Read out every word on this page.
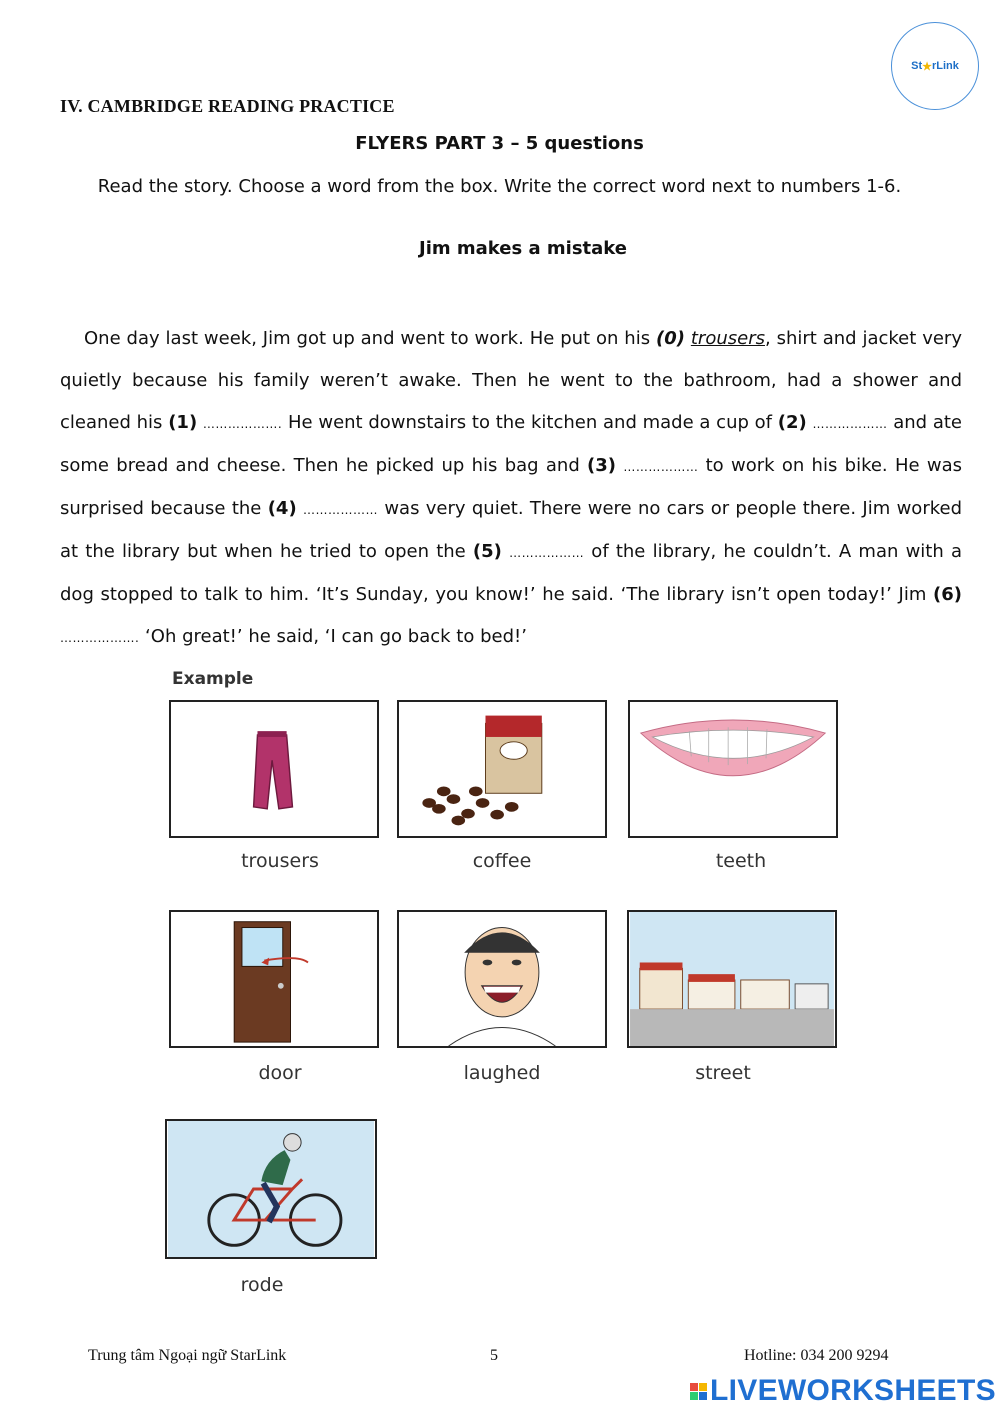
St ★ rLink
IV. CAMBRIDGE READING PRACTICE
FLYERS PART 3 – 5 questions
Read the story. Choose a word from the box. Write the correct word next to numbers 1-6.
Jim makes a mistake
One day last week, Jim got up and went to work. He put on his (0) trousers, shirt and jacket very quietly because his family weren’t awake. Then he went to the bathroom, had a shower and cleaned his (1) ………………. He went downstairs to the kitchen and made a cup of (2) ……………… and ate some bread and cheese. Then he picked up his bag and (3) ……………… to work on his bike. He was surprised because the (4) ……………… was very quiet. There were no cars or people there. Jim worked at the library but when he tried to open the (5) ……………… of the library, he couldn’t. A man with a dog stopped to talk to him. ‘It’s Sunday, you know!’ he said. ‘The library isn’t open today!’ Jim (6) ………………. ‘Oh great!’ he said, ‘I can go back to bed!’
Example
trousers	coffee	teeth
door	laughed	street
rode
Trung tâm Ngoại ngữ StarLink	5	Hotline: 034 200 9294
LIVEWORKSHEETS
